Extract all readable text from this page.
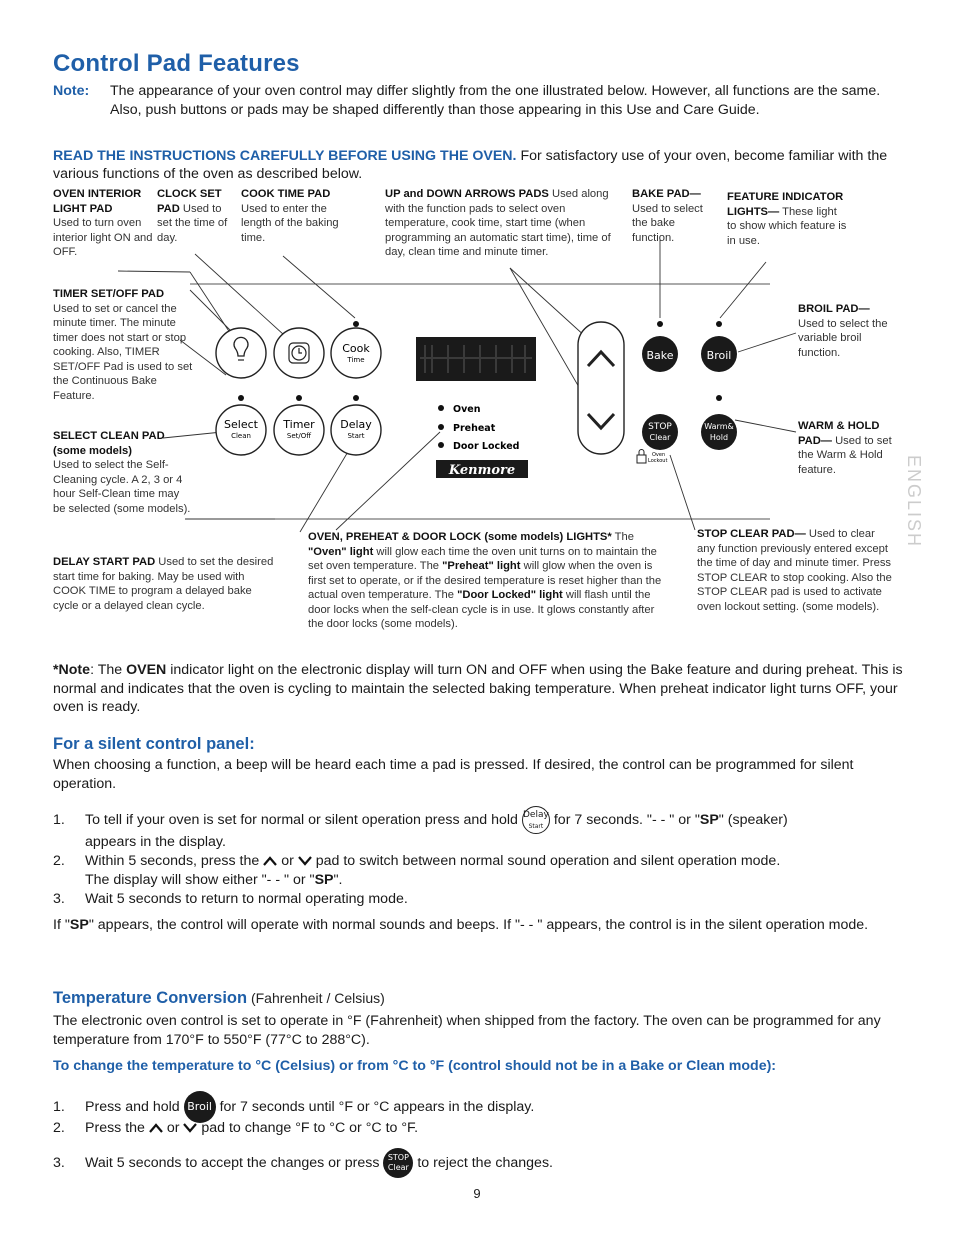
Control Pad Features
Note: The appearance of your oven control may differ slightly from the one illustrated below. However, all functions are the same. Also, push buttons or pads may be shaped differently than those appearing in this Use and Care Guide.
READ THE INSTRUCTIONS CAREFULLY BEFORE USING THE OVEN. For satisfactory use of your oven, become familiar with the various functions of the oven as described below.
OVEN INTERIOR LIGHT PAD
Used to turn oven interior light ON and OFF.
CLOCK SET PAD Used to set the time of day.
COOK TIME PAD Used to enter the length of the baking time.
UP and DOWN ARROWS PADS Used along with the function pads to select oven temperature, cook time, start time (when programming an automatic start time), time of day, clean time and minute timer.
BAKE PAD— Used to select the bake function.
FEATURE INDICATOR LIGHTS— These light to show which feature is in use.
TIMER SET/OFF PAD
Used to set or cancel the minute timer. The minute timer does not start or stop cooking. Also, TIMER SET/OFF Pad is used to set the Continuous Bake Feature.
SELECT CLEAN PAD (some models)
Used to select the Self-Cleaning cycle. A 2, 3 or 4 hour Self-Clean time may be selected (some models).
DELAY START PAD Used to set the desired start time for baking. May be used with COOK TIME to program a delayed bake cycle or a delayed clean cycle.
BROIL PAD—
Used to select the variable broil function.
WARM & HOLD PAD— Used to set the Warm & Hold feature.
STOP CLEAR PAD— Used to clear any function previously entered except the time of day and minute timer. Press STOP CLEAR to stop cooking. Also the STOP CLEAR pad is used to activate oven lockout setting. (some models).
OVEN, PREHEAT & DOOR LOCK (some models) LIGHTS* The "Oven" light will glow each time the oven unit turns on to maintain the set oven temperature. The "Preheat" light will glow when the oven is first set to operate, or if the desired temperature is reset higher than the actual oven temperature. The "Door Locked" light will flash until the door locks when the self-clean cycle is in use. It glows constantly after the door locks (some models).
Cook
Time
Select
Clean
Timer
Set/Off
Delay
Start
Oven
Preheat
Door Locked
Kenmore
Bake	Broil
STOP
Clear
Warm&
Hold
Oven
Lockout	ENGLISH
*Note: The OVEN indicator light on the electronic display will turn ON and OFF when using the Bake feature and during preheat. This is normal and indicates that the oven is cycling to maintain the selected baking temperature. When preheat indicator light turns OFF, your oven is ready.
For a silent control panel:
When choosing a function, a beep will be heard each time a pad is pressed. If desired, the control can be programmed for silent operation.
1. To tell if your oven is set for normal or silent operation press and hold Delay
Start for 7 seconds. "- - " or "SP" (speaker)
appears in the display.
2. Within 5 seconds, press the or pad to switch between normal sound operation and silent operation mode.
The display will show either "- - " or "SP".
3. Wait 5 seconds to return to normal operating mode.
If "SP" appears, the control will operate with normal sounds and beeps. If "- - " appears, the control is in the silent operation mode.
Temperature Conversion (Fahrenheit / Celsius)
The electronic oven control is set to operate in °F (Fahrenheit) when shipped from the factory. The oven can be programmed for any temperature from 170°F to 550°F (77°C to 288°C).
To change the temperature to °C (Celsius) or from °C to °F (control should not be in a Bake or Clean mode):
1. Press and hold Broil for 7 seconds until °F or °C appears in the display.
2. Press the or pad to change °F to °C or °C to °F.
3. Wait 5 seconds to accept the changes or press STOP
Clear to reject the changes.
9
